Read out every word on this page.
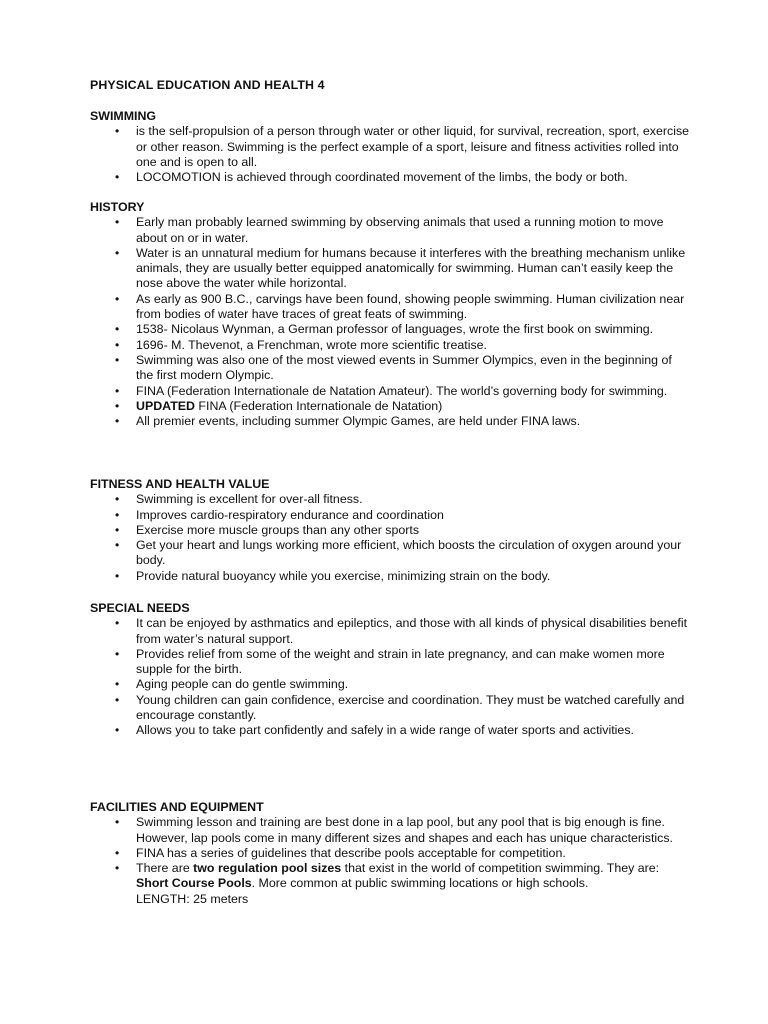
PHYSICAL EDUCATION AND HEALTH 4
SWIMMING
• is the self-propulsion of a person through water or other liquid, for survival, recreation, sport, exercise or other reason. Swimming is the perfect example of a sport, leisure and fitness activities rolled into one and is open to all.
• LOCOMOTION is achieved through coordinated movement of the limbs, the body or both.
HISTORY
• Early man probably learned swimming by observing animals that used a running motion to move about on or in water.
• Water is an unnatural medium for humans because it interferes with the breathing mechanism unlike animals, they are usually better equipped anatomically for swimming. Human can’t easily keep the nose above the water while horizontal.
• As early as 900 B.C., carvings have been found, showing people swimming. Human civilization near from bodies of water have traces of great feats of swimming.
• 1538- Nicolaus Wynman, a German professor of languages, wrote the first book on swimming.
• 1696- M. Thevenot, a Frenchman, wrote more scientific treatise.
• Swimming was also one of the most viewed events in Summer Olympics, even in the beginning of the first modern Olympic.
• FINA (Federation Internationale de Natation Amateur). The world’s governing body for swimming.
• UPDATED FINA (Federation Internationale de Natation)
• All premier events, including summer Olympic Games, are held under FINA laws.
FITNESS AND HEALTH VALUE
• Swimming is excellent for over-all fitness.
• Improves cardio-respiratory endurance and coordination
• Exercise more muscle groups than any other sports
• Get your heart and lungs working more efficient, which boosts the circulation of oxygen around your body.
• Provide natural buoyancy while you exercise, minimizing strain on the body.
SPECIAL NEEDS
• It can be enjoyed by asthmatics and epileptics, and those with all kinds of physical disabilities benefit from water’s natural support.
• Provides relief from some of the weight and strain in late pregnancy, and can make women more supple for the birth.
• Aging people can do gentle swimming.
• Young children can gain confidence, exercise and coordination. They must be watched carefully and encourage constantly.
• Allows you to take part confidently and safely in a wide range of water sports and activities.
FACILITIES AND EQUIPMENT
• Swimming lesson and training are best done in a lap pool, but any pool that is big enough is fine. However, lap pools come in many different sizes and shapes and each has unique characteristics.
• FINA has a series of guidelines that describe pools acceptable for competition.
• There are two regulation pool sizes that exist in the world of competition swimming. They are:
Short Course Pools. More common at public swimming locations or high schools.
LENGTH: 25 meters
